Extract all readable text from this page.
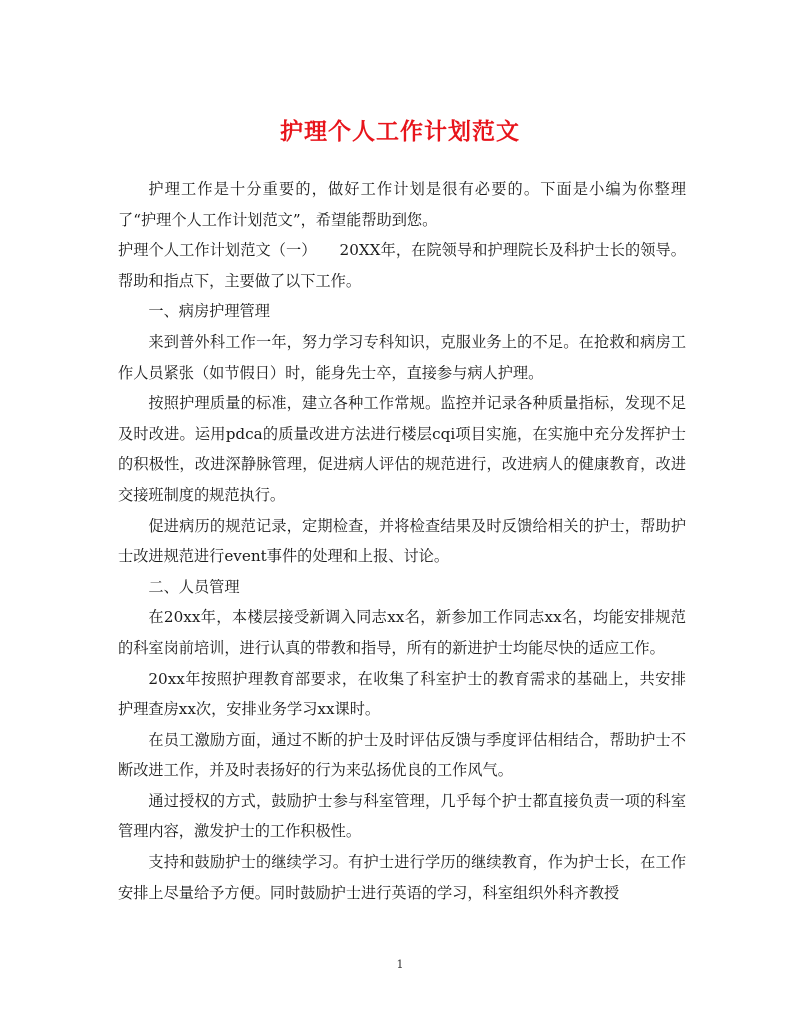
护理个人工作计划范文

护理工作是十分重要的，做好工作计划是很有必要的。下面是小编为你整理了“护理个人工作计划范文”，希望能帮助到您。

护理个人工作计划范文（一）　　20XX年，在院领导和护理院长及科护士长的领导。帮助和指点下，主要做了以下工作。

一、病房护理管理

来到普外科工作一年，努力学习专科知识，克服业务上的不足。在抢救和病房工作人员紧张（如节假日）时，能身先士卒，直接参与病人护理。

按照护理质量的标准，建立各种工作常规。监控并记录各种质量指标，发现不足及时改进。运用pdca的质量改进方法进行楼层cqi项目实施，在实施中充分发挥护士的积极性，改进深静脉管理，促进病人评估的规范进行，改进病人的健康教育，改进交接班制度的规范执行。

促进病历的规范记录，定期检查，并将检查结果及时反馈给相关的护士，帮助护士改进规范进行event事件的处理和上报、讨论。

二、人员管理

在20xx年，本楼层接受新调入同志xx名，新参加工作同志xx名，均能安排规范的科室岗前培训，进行认真的带教和指导，所有的新进护士均能尽快的适应工作。

20xx年按照护理教育部要求，在收集了科室护士的教育需求的基础上，共安排护理查房xx次，安排业务学习xx课时。

在员工激励方面，通过不断的护士及时评估反馈与季度评估相结合，帮助护士不断改进工作，并及时表扬好的行为来弘扬优良的工作风气。

通过授权的方式，鼓励护士参与科室管理，几乎每个护士都直接负责一项的科室管理内容，激发护士的工作积极性。

支持和鼓励护士的继续学习。有护士进行学历的继续教育，作为护士长，在工作安排上尽量给予方便。同时鼓励护士进行英语的学习，科室组织外科齐教授

1
